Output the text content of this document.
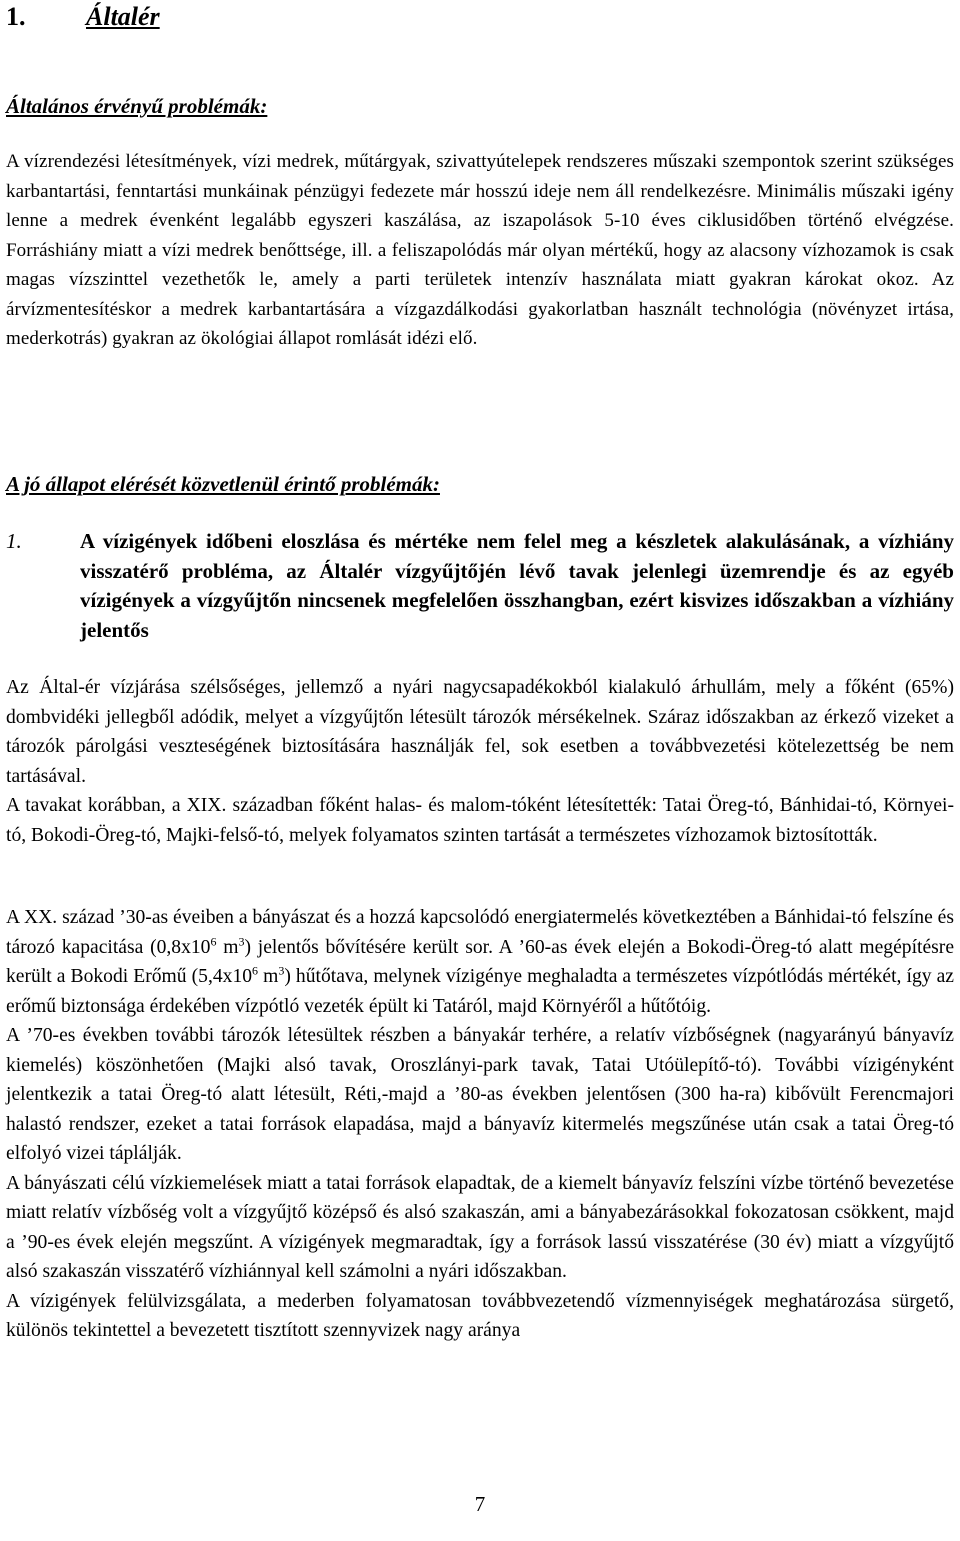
1. Általér
Általános érvényű problémák:

A vízrendezési létesítmények, vízi medrek, műtárgyak, szivattyútelepek rendszeres műszaki szempontok szerint szükséges karbantartási, fenntartási munkáinak pénzügyi fedezete már hosszú ideje nem áll rendelkezésre. Minimális műszaki igény lenne a medrek évenként legalább egyszeri kaszálása, az iszapolások 5-10 éves ciklusidőben történő elvégzése. Forráshiány miatt a vízi medrek benőttsége, ill. a feliszapolódás már olyan mértékű, hogy az alacsony vízhozamok is csak magas vízszinttel vezethetők le, amely a parti területek intenzív használata miatt gyakran károkat okoz. Az árvízmentesítéskor a medrek karbantartására a vízgazdálkodási gyakorlatban használt technológia (növényzet irtása, mederkotrás) gyakran az ökológiai állapot romlását idézi elő.

A jó állapot elérését közvetlenül érintő problémák:
1.	A vízigények időbeni eloszlása és mértéke nem felel meg a készletek alakulásának, a vízhiány visszatérő probléma, az Általér vízgyűjtőjén lévő tavak jelenlegi üzemrendje és az egyéb vízigények a vízgyűjtőn nincsenek megfelelően összhangban, ezért kisvizes időszakban a vízhiány jelentős
Az Által-ér vízjárása szélsőséges, jellemző a nyári nagycsapadékokból kialakuló árhullám, mely a főként (65%) dombvidéki jellegből adódik, melyet a vízgyűjtőn létesült tározók mérsékelnek. Száraz időszakban az érkező vizeket a tározók párolgási veszteségének biztosítására használják fel, sok esetben a továbbvezetési kötelezettség be nem tartásával.
A tavakat korábban, a XIX. században főként halas- és malom-tóként létesítették: Tatai Öreg-tó, Bánhidai-tó, Környei-tó, Bokodi-Öreg-tó, Majki-felső-tó, melyek folyamatos szinten tartását a természetes vízhozamok biztosították.
A XX. század ’30-as éveiben a bányászat és a hozzá kapcsolódó energiatermelés következtében a Bánhidai-tó felszíne és tározó kapacitása ($0,8x10^6$ $m^3$) jelentős bővítésére került sor. A ’60-as évek elején a Bokodi-Öreg-tó alatt megépítésre került a Bokodi Erőmű ($5,4x10^6$ $m^3$) hűtőtava, melynek vízigénye meghaladta a természetes vízpótlódás mértékét, így az erőmű biztonsága érdekében vízpótló vezeték épült ki Tatáról, majd Környéről a hűtőtóig.
A ’70-es években további tározók létesültek részben a bányakár terhére, a relatív vízbőségnek (nagyarányú bányavíz kiemelés) köszönhetően (Majki alsó tavak, Oroszlányi-park tavak, Tatai Utóülepítő-tó). További vízigényként jelentkezik a tatai Öreg-tó alatt létesült, Réti,-majd a ’80-as években jelentősen (300 ha-ra) kibővült Ferencmajori halastó rendszer, ezeket a tatai források elapadása, majd a bányavíz kitermelés megszűnése után csak a tatai Öreg-tó elfolyó vizei táplálják.
A bányászati célú vízkiemelések miatt a tatai források elapadtak, de a kiemelt bányavíz felszíni vízbe történő bevezetése miatt relatív vízbőség volt a vízgyűjtő középső és alsó szakaszán, ami a bányabezárásokkal fokozatosan csökkent, majd a ’90-es évek elején megszűnt. A vízigények megmaradtak, így a források lassú visszatérése (30 év) miatt a vízgyűjtő alsó szakaszán visszatérő vízhiánnyal kell számolni a nyári időszakban.
A vízigények felülvizsgálata, a mederben folyamatosan továbbvezetendő vízmennyiségek meghatározása sürgető, különös tekintettel a bevezetett tisztított szennyvizek nagy aránya

7
